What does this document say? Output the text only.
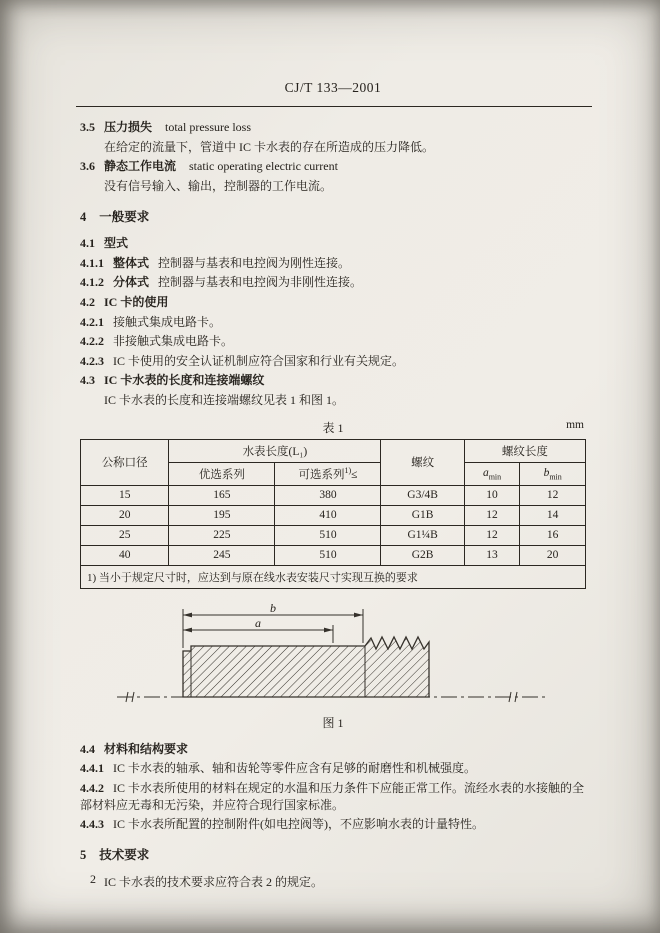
CJ/T 133—2001

3.5 压力损失 total pressure loss

在给定的流量下，管道中 IC 卡水表的存在所造成的压力降低。

3.6 静态工作电流 static operating electric current

没有信号输入、输出，控制器的工作电流。

4 一般要求

4.1 型式

4.1.1 整体式 控制器与基表和电控阀为刚性连接。

4.1.2 分体式 控制器与基表和电控阀为非刚性连接。

4.2 IC 卡的使用

4.2.1 接触式集成电路卡。

4.2.2 非接触式集成电路卡。

4.2.3 IC 卡使用的安全认证机制应符合国家和行业有关规定。

4.3 IC 卡水表的长度和连接端螺纹

IC 卡水表的长度和连接端螺纹见表 1 和图 1。

表 1	mm
公称口径	水表长度(L₁)		螺纹	螺纹长度	
	优选系列	可选系列$^{1)}$≤		$a_{min}$	$b_{min}$
15	165	380	G3/4B	10	12
20	195	410	G1B	12	14
25	225	510	G1¼B	12	16
40	245	510	G2B	13	20
1) 当小于规定尺寸时，应达到与原在线水表安装尺寸实现互换的要求					
b
a

图 1

4.4 材料和结构要求

4.4.1 IC 卡水表的轴承、轴和齿轮等零件应含有足够的耐磨性和机械强度。

4.4.2 IC 卡水表所使用的材料在规定的水温和压力条件下应能正常工作。流经水表的水接触的全部材料应无毒和无污染，并应符合现行国家标准。

4.4.3 IC 卡水表所配置的控制附件(如电控阀等)，不应影响水表的计量特性。

5 技术要求

IC 卡水表的技术要求应符合表 2 的规定。

2
